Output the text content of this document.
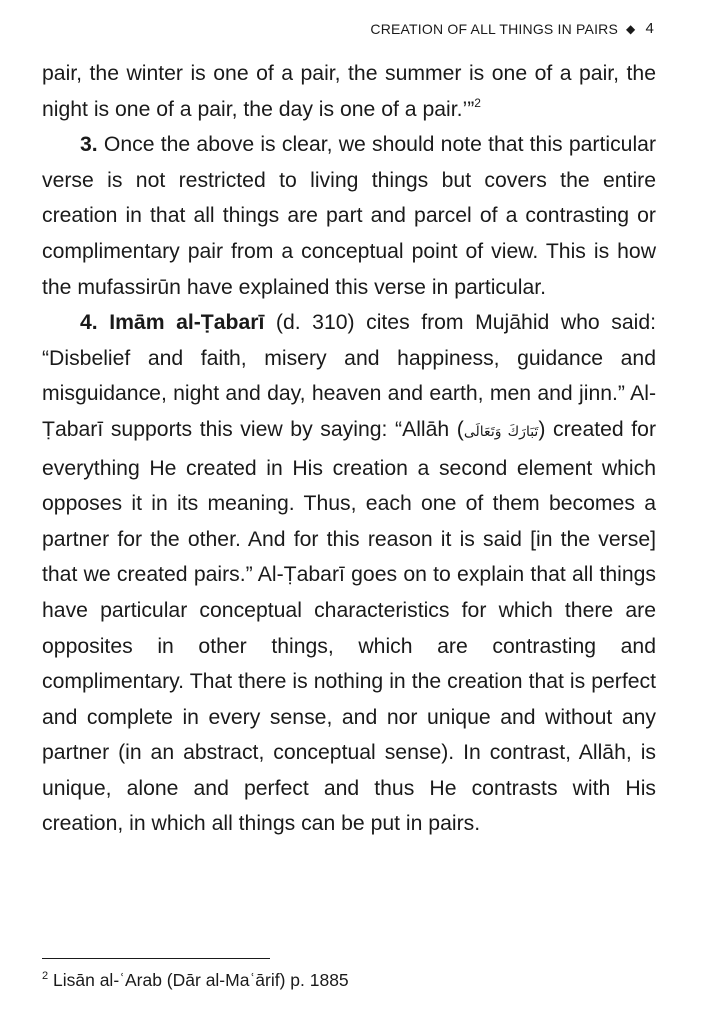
CREATION OF ALL THINGS IN PAIRS ◆ 4

pair, the winter is one of a pair, the summer is one of a pair, the night is one of a pair, the day is one of a pair.’”$^2$

3. Once the above is clear, we should note that this particular verse is not restricted to living things but covers the entire creation in that all things are part and parcel of a contrasting or complimentary pair from a conceptual point of view. This is how the mufassirūn have explained this verse in particular.

4. Imām al-Ṭabarī (d. 310) cites from Mujāhid who said: “Disbelief and faith, misery and happiness, guidance and misguidance, night and day, heaven and earth, men and jinn.” Al-Ṭabarī supports this view by saying: “Allāh (تَبَارَكَ وَتَعَالَى) created for everything He created in His creation a second element which opposes it in its meaning. Thus, each one of them becomes a partner for the other. And for this reason it is said [in the verse] that we created pairs.” Al-Ṭabarī goes on to explain that all things have particular conceptual characteristics for which there are opposites in other things, which are contrasting and complimentary. That there is nothing in the creation that is perfect and complete in every sense, and nor unique and without any partner (in an abstract, conceptual sense). In contrast, Allāh, is unique, alone and perfect and thus He contrasts with His creation, in which all things can be put in pairs.

$^2$ Lisān al-ʿArab (Dār al-Maʿārif) p. 1885
